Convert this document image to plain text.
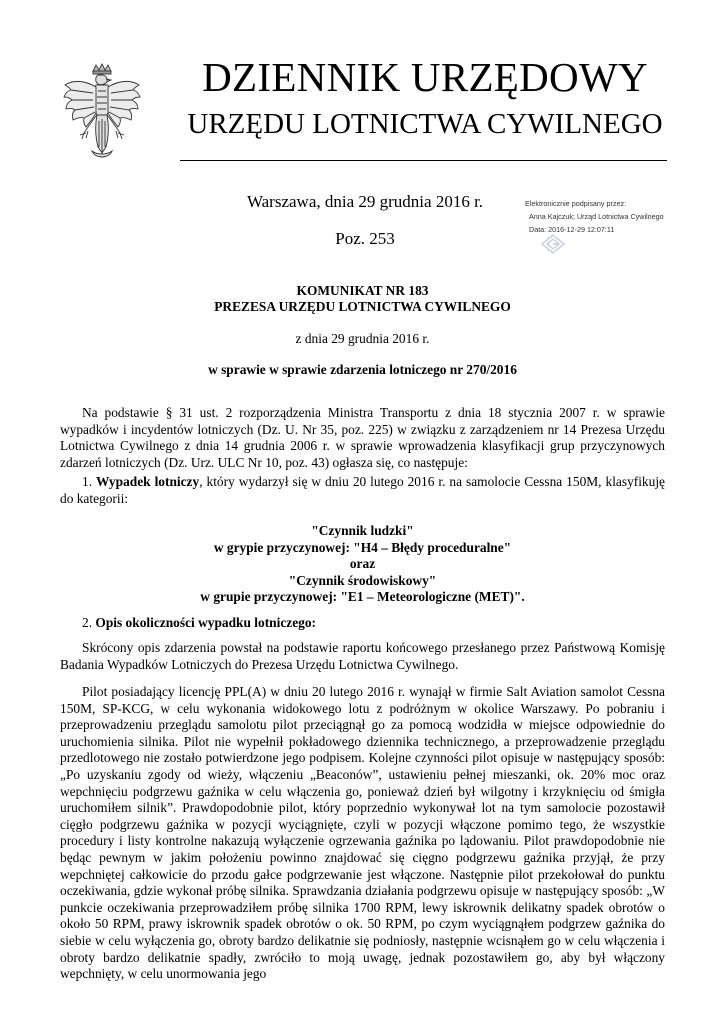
DZIENNIK URZĘDOWY
URZĘDU LOTNICTWA CYWILNEGO
Warszawa, dnia 29 grudnia 2016 r.
Poz. 253
Elektronicznie podpisany przez:
Anna Kajczuk; Urząd Lotnictwa Cywilnego
Data: 2016-12-29 12:07:11
KOMUNIKAT NR 183
PREZESA URZĘDU LOTNICTWA CYWILNEGO
z dnia 29 grudnia 2016 r.
w sprawie w sprawie zdarzenia lotniczego nr 270/2016

Na podstawie § 31 ust. 2 rozporządzenia Ministra Transportu z dnia 18 stycznia 2007 r. w sprawie wypadków i incydentów lotniczych (Dz. U. Nr 35, poz. 225) w związku z zarządzeniem nr 14 Prezesa Urzędu Lotnictwa Cywilnego z dnia 14 grudnia 2006 r. w sprawie wprowadzenia klasyfikacji grup przyczynowych zdarzeń lotniczych (Dz. Urz. ULC Nr 10, poz. 43) ogłasza się, co następuje:

1. Wypadek lotniczy, który wydarzył się w dniu 20 lutego 2016 r. na samolocie Cessna 150M, klasyfikuję do kategorii:

"Czynnik ludzki"
w grypie przyczynowej: "H4 – Błędy proceduralne"
oraz
"Czynnik środowiskowy"
w grupie przyczynowej: "E1 – Meteorologiczne (MET)".
2. Opis okoliczności wypadku lotniczego:

Skrócony opis zdarzenia powstał na podstawie raportu końcowego przesłanego przez Państwową Komisję Badania Wypadków Lotniczych do Prezesa Urzędu Lotnictwa Cywilnego.

Pilot posiadający licencję PPL(A) w dniu 20 lutego 2016 r. wynajął w firmie Salt Aviation samolot Cessna 150M, SP-KCG, w celu wykonania widokowego lotu z podróżnym w okolice Warszawy. Po pobraniu i przeprowadzeniu przeglądu samolotu pilot przeciągnął go za pomocą wodzidła w miejsce odpowiednie do uruchomienia silnika. Pilot nie wypełnił pokładowego dziennika technicznego, a przeprowadzenie przeglądu przedlotowego nie zostało potwierdzone jego podpisem. Kolejne czynności pilot opisuje w następujący sposób: „Po uzyskaniu zgody od wieży, włączeniu „Beaconów”, ustawieniu pełnej mieszanki, ok. 20% moc oraz wepchnięciu podgrzewu gaźnika w celu włączenia go, ponieważ dzień był wilgotny i krzyknięciu od śmigła uruchomiłem silnik”. Prawdopodobnie pilot, który poprzednio wykonywał lot na tym samolocie pozostawił cięgło podgrzewu gaźnika w pozycji wyciągnięte, czyli w pozycji włączone pomimo tego, że wszystkie procedury i listy kontrolne nakazują wyłączenie ogrzewania gaźnika po lądowaniu. Pilot prawdopodobnie nie będąc pewnym w jakim położeniu powinno znajdować się cięgno podgrzewu gaźnika przyjął, że przy wepchniętej całkowicie do przodu gałce podgrzewanie jest włączone. Następnie pilot przekołował do punktu oczekiwania, gdzie wykonał próbę silnika. Sprawdzania działania podgrzewu opisuje w następujący sposób: „W punkcie oczekiwania przeprowadziłem próbę silnika 1700 RPM, lewy iskrownik delikatny spadek obrotów o około 50 RPM, prawy iskrownik spadek obrotów o ok. 50 RPM, po czym wyciągnąłem podgrzew gaźnika do siebie w celu wyłączenia go, obroty bardzo delikatnie się podniosły, następnie wcisnąłem go w celu włączenia i obroty bardzo delikatnie spadły, zwróciło to moją uwagę, jednak pozostawiłem go, aby był włączony wepchnięty, w celu unormowania jego
